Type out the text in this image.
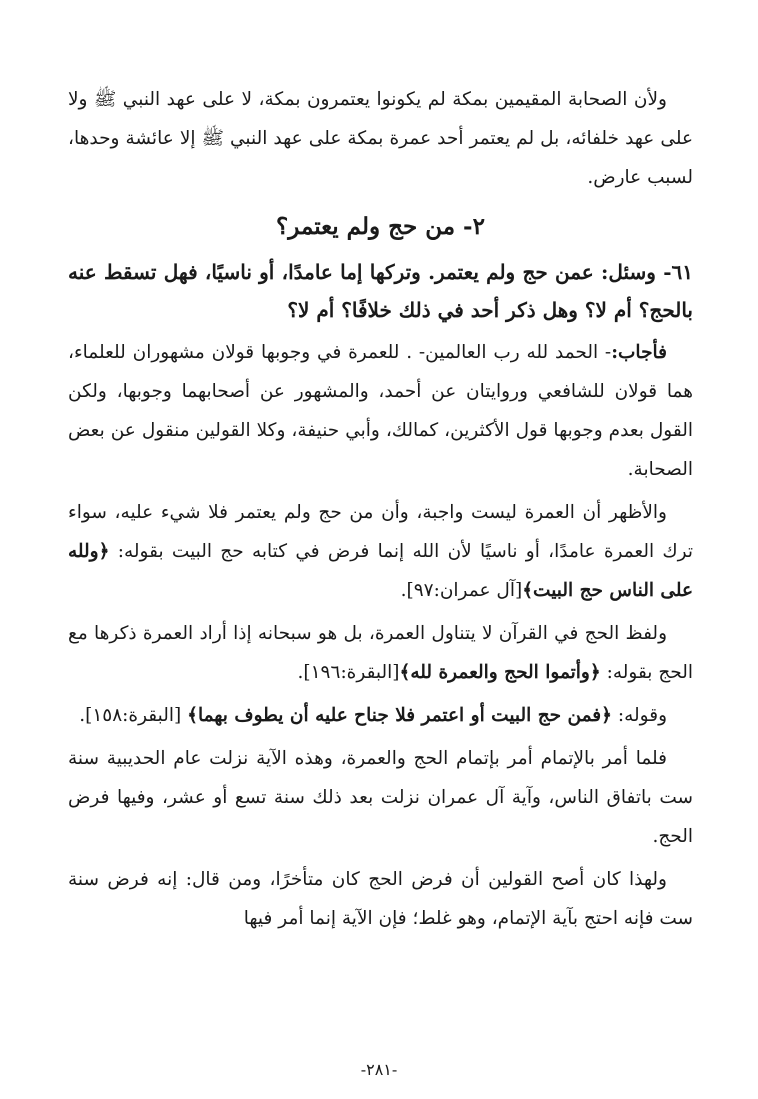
ولأن الصحابة المقيمين بمكة لم يكونوا يعتمرون بمكة، لا على عهد النبي ﷺ ولا على عهد خلفائه، بل لم يعتمر أحد عمرة بمكة على عهد النبي ﷺ إلا عائشة وحدها، لسبب عارض.

٢- من حج ولم يعتمر؟

٦١- وسئل: عمن حج ولم يعتمر. وتركها إما عامدًا، أو ناسيًا، فهل تسقط عنه بالحج؟ أم لا؟ وهل ذكر أحد في ذلك خلافًا؟ أم لا؟

فأجاب:- الحمد لله رب العالمين- . للعمرة في وجوبها قولان مشهوران للعلماء، هما قولان للشافعي وروايتان عن أحمد، والمشهور عن أصحابهما وجوبها، ولكن القول بعدم وجوبها قول الأكثرين، كمالك، وأبي حنيفة، وكلا القولين منقول عن بعض الصحابة.

والأظهر أن العمرة ليست واجبة، وأن من حج ولم يعتمر فلا شيء عليه، سواء ترك العمرة عامدًا، أو ناسيًا لأن الله إنما فرض في كتابه حج البيت بقوله: ﴿ولله على الناس حج البيت﴾[آل عمران:٩٧].

ولفظ الحج في القرآن لا يتناول العمرة، بل هو سبحانه إذا أراد العمرة ذكرها مع الحج بقوله: ﴿وأتموا الحج والعمرة لله﴾[البقرة:١٩٦].

وقوله: ﴿فمن حج البيت أو اعتمر فلا جناح عليه أن يطوف بهما﴾ [البقرة:١٥٨].

فلما أمر بالإتمام أمر بإتمام الحج والعمرة، وهذه الآية نزلت عام الحديبية سنة ست باتفاق الناس، وآية آل عمران نزلت بعد ذلك سنة تسع أو عشر، وفيها فرض الحج.

ولهذا كان أصح القولين أن فرض الحج كان متأخرًا، ومن قال: إنه فرض سنة ست فإنه احتج بآية الإتمام، وهو غلط؛ فإن الآية إنما أمر فيها

-٢٨١-
